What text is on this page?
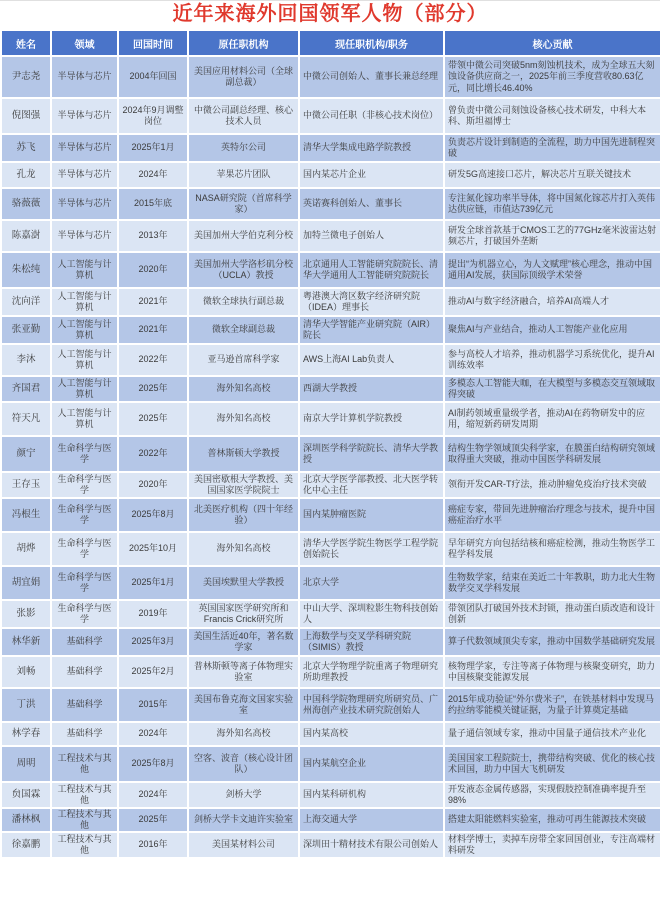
近年来海外回国领军人物（部分）
姓名	领域	回国时间	原任职机构	现任职机构/职务	核心贡献

尹志尧	半导体与芯片	2004年回国	美国应用材料公司（全球副总裁）	中微公司创始人、董事长兼总经理	带领中微公司突破5nm刻蚀机技术，成为全球五大刻蚀设备供应商之一，2025年前三季度营收80.63亿元，同比增长46.40%

倪图强	半导体与芯片	2024年9月调整岗位	中微公司副总经理、核心技术人员	中微公司任职（非核心技术岗位）	曾负责中微公司刻蚀设备核心技术研发，中科大本科、斯坦福博士

苏飞	半导体与芯片	2025年1月	英特尔公司	清华大学集成电路学院教授	负责芯片设计到制造的全流程，助力中国先进制程突破

孔龙	半导体与芯片	2024年	苹果芯片团队	国内某芯片企业	研发5G高速接口芯片，解决芯片互联关键技术

骆薇薇	半导体与芯片	2015年底	NASA研究院（首席科学家）	英诺赛科创始人、董事长	专注氮化镓功率半导体，将中国氮化镓芯片打入英伟达供应链，市值达739亿元

陈嘉澍	半导体与芯片	2013年	美国加州大学伯克利分校	加特兰微电子创始人	研发全球首款基于CMOS工艺的77GHz毫米波雷达射频芯片，打破国外垄断

朱松纯	人工智能与计算机	2020年	美国加州大学洛杉矶分校（UCLA）教授	北京通用人工智能研究院院长、清华大学通用人工智能研究院院长	提出“为机器立心，为人文赋理”核心理念，推动中国通用AI发展，获国际顶级学术荣誉

沈向洋	人工智能与计算机	2021年	微软全球执行副总裁	粤港澳大湾区数字经济研究院（IDEA）理事长	推动AI与数字经济融合，培养AI高端人才

张亚勤	人工智能与计算机	2021年	微软全球副总裁	清华大学智能产业研究院（AIR）院长	聚焦AI与产业结合，推动人工智能产业化应用

李沐	人工智能与计算机	2022年	亚马逊首席科学家	AWS上海AI Lab负责人	参与高校人才培养，推动机器学习系统优化，提升AI训练效率

齐国君	人工智能与计算机	2025年	海外知名高校	西湖大学教授	多模态人工智能大咖，在大模型与多模态交互领域取得突破

符天凡	人工智能与计算机	2025年	海外知名高校	南京大学计算机学院教授	AI制药领域重量级学者，推动AI在药物研发中的应用，缩短新药研发周期

颜宁	生命科学与医学	2022年	普林斯顿大学教授	深圳医学科学院院长、清华大学教授	结构生物学领域顶尖科学家，在膜蛋白结构研究领域取得重大突破，推动中国医学科研发展

王存玉	生命科学与医学	2020年	美国密歇根大学教授、美国国家医学院院士	北京大学医学部教授、北大医学转化中心主任	领衔开发CAR-T疗法，推动肿瘤免疫治疗技术突破

冯根生	生命科学与医学	2025年8月	北美医疗机构（四十年经验）	国内某肿瘤医院	癌症专家，带回先进肿瘤治疗理念与技术，提升中国癌症治疗水平

胡烨	生命科学与医学	2025年10月	海外知名高校	清华大学医学院生物医学工程学院创始院长	早年研究方向包括结核和癌症检测，推动生物医学工程学科发展

胡宜娟	生命科学与医学	2025年1月	美国埃默里大学教授	北京大学	生物数学家，结束在美近二十年教职，助力北大生物数学交叉学科发展

张影	生命科学与医学	2019年	英国国家医学研究所和Francis Crick研究所	中山大学、深圳粒影生物科技创始人	带领团队打破国外技术封锁，推动蛋白质改造和设计创新

林华新	基础科学	2025年3月	美国生活近40年，著名数学家	上海数学与交叉学科研究院（SIMIS）教授	算子代数领域顶尖专家，推动中国数学基础研究发展

刘畅	基础科学	2025年2月	普林斯顿等离子体物理实验室	北京大学物理学院重离子物理研究所助理教授	核物理学家，专注等离子体物理与核聚变研究，助力中国核聚变能源发展

丁洪	基础科学	2015年	美国布鲁克海文国家实验室	中国科学院物理研究所研究员、广州海创产业技术研究院创始人	2015年成功验证“外尔费米子”，在铁基材料中发现马约拉纳零能模关键证据，为量子计算奠定基础

林学春	基础科学	2024年	海外知名高校	国内某高校	量子通信领域专家，推动中国量子通信技术产业化

周明	工程技术与其他	2025年8月	空客、波音（核心设计团队）	国内某航空企业	美国国家工程院院士，携带结构突破、优化的核心技术回国，助力中国大飞机研发

贠国霖	工程技术与其他	2024年	剑桥大学	国内某科研机构	开发液态金属传感器，实现假肢控制准确率提升至98%

潘林枫	工程技术与其他	2025年	剑桥大学卡文迪许实验室	上海交通大学	搭建太阳能燃料实验室，推动可再生能源技术突破

徐嘉鹏	工程技术与其他	2016年	美国某材料公司	深圳田十精材技术有限公司创始人	材料学博士，卖掉车房带全家回国创业，专注高端材料研发
